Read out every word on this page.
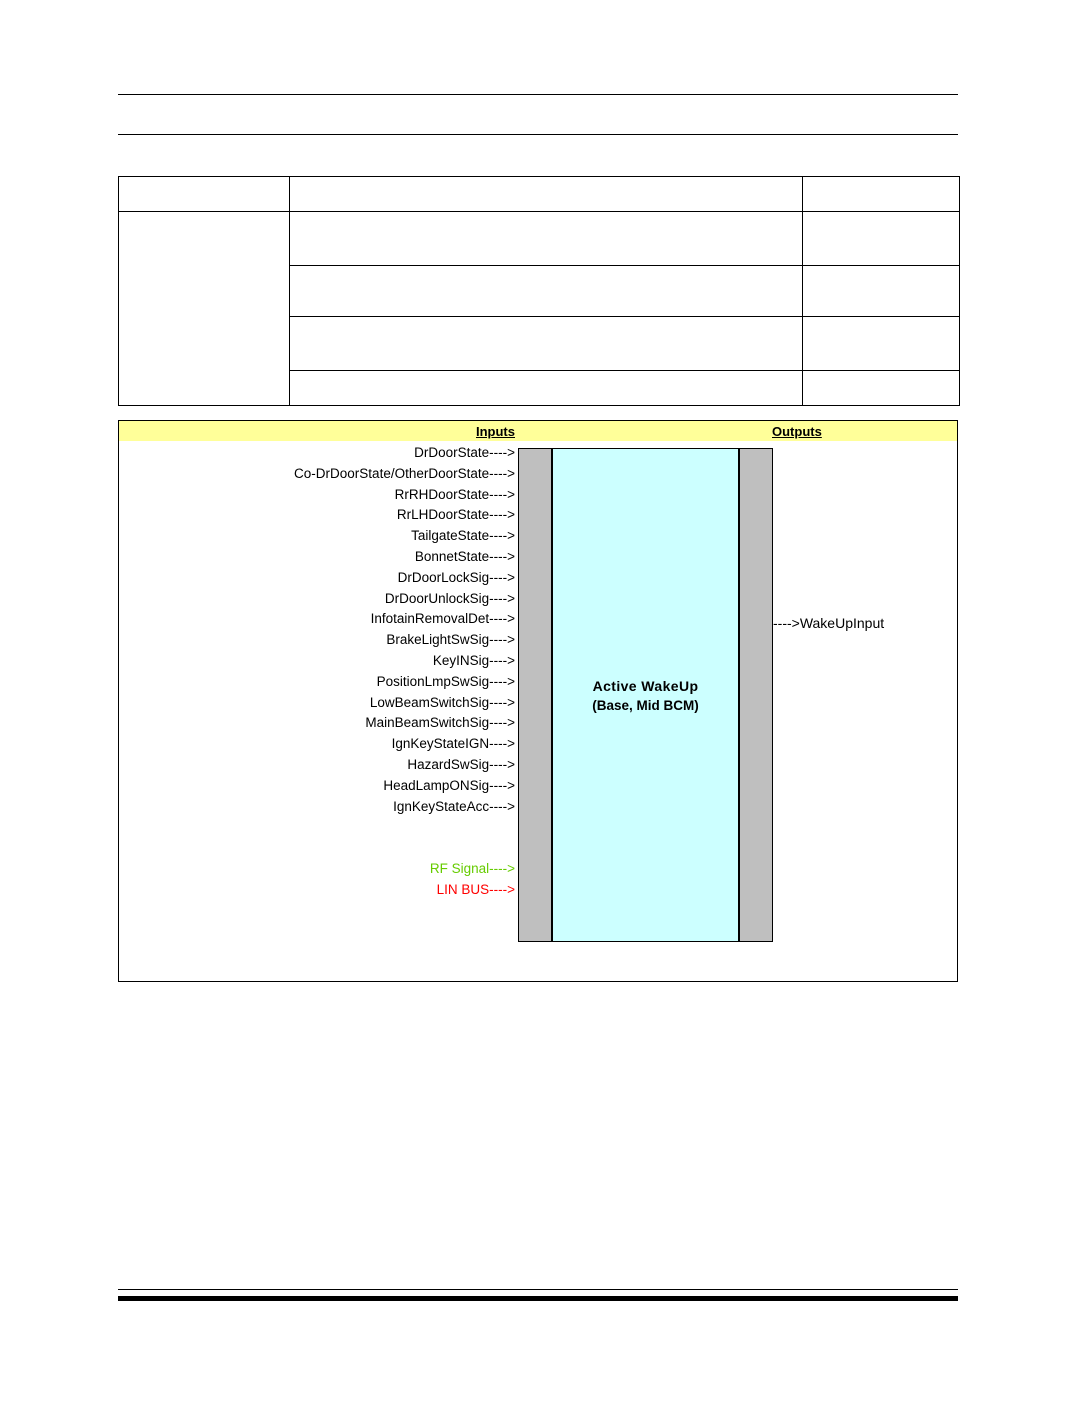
Inputs	Outputs
DrDoorState---->
Co-DrDoorState/OtherDoorState---->
RrRHDoorState---->
RrLHDoorState---->
TailgateState---->
BonnetState---->
DrDoorLockSig---->
DrDoorUnlockSig---->
InfotainRemovalDet---->
BrakeLightSwSig---->
KeyINSig---->
PositionLmpSwSig---->
LowBeamSwitchSig---->
MainBeamSwitchSig---->
IgnKeyStateIGN---->
HazardSwSig---->
HeadLampONSig---->
IgnKeyStateAcc---->
RF Signal---->
LIN BUS---->
Active WakeUp
(Base, Mid BCM)
---->WakeUpInput
